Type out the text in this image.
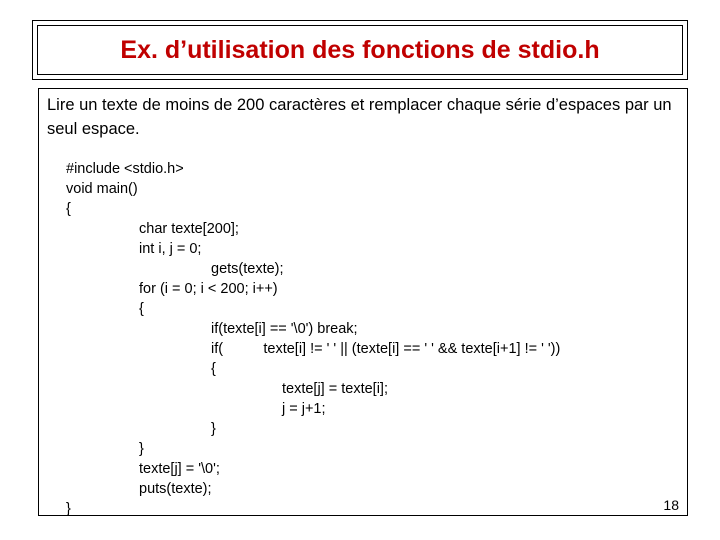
Ex. d’utilisation des fonctions de stdio.h
Lire un texte de moins de 200 caractères et remplacer chaque série d’espaces par un seul espace.
#include <stdio.h>
void main()
{
char texte[200];
int i, j = 0;
gets(texte);
for (i = 0; i < 200; i++)
{
if(texte[i] == '\0') break;
if(          texte[i] != ' ' || (texte[i] == ' ' && texte[i+1] != ' '))
{
texte[j] = texte[i];
j = j+1;
}
}
texte[j] = '\0';
puts(texte);
}	18
